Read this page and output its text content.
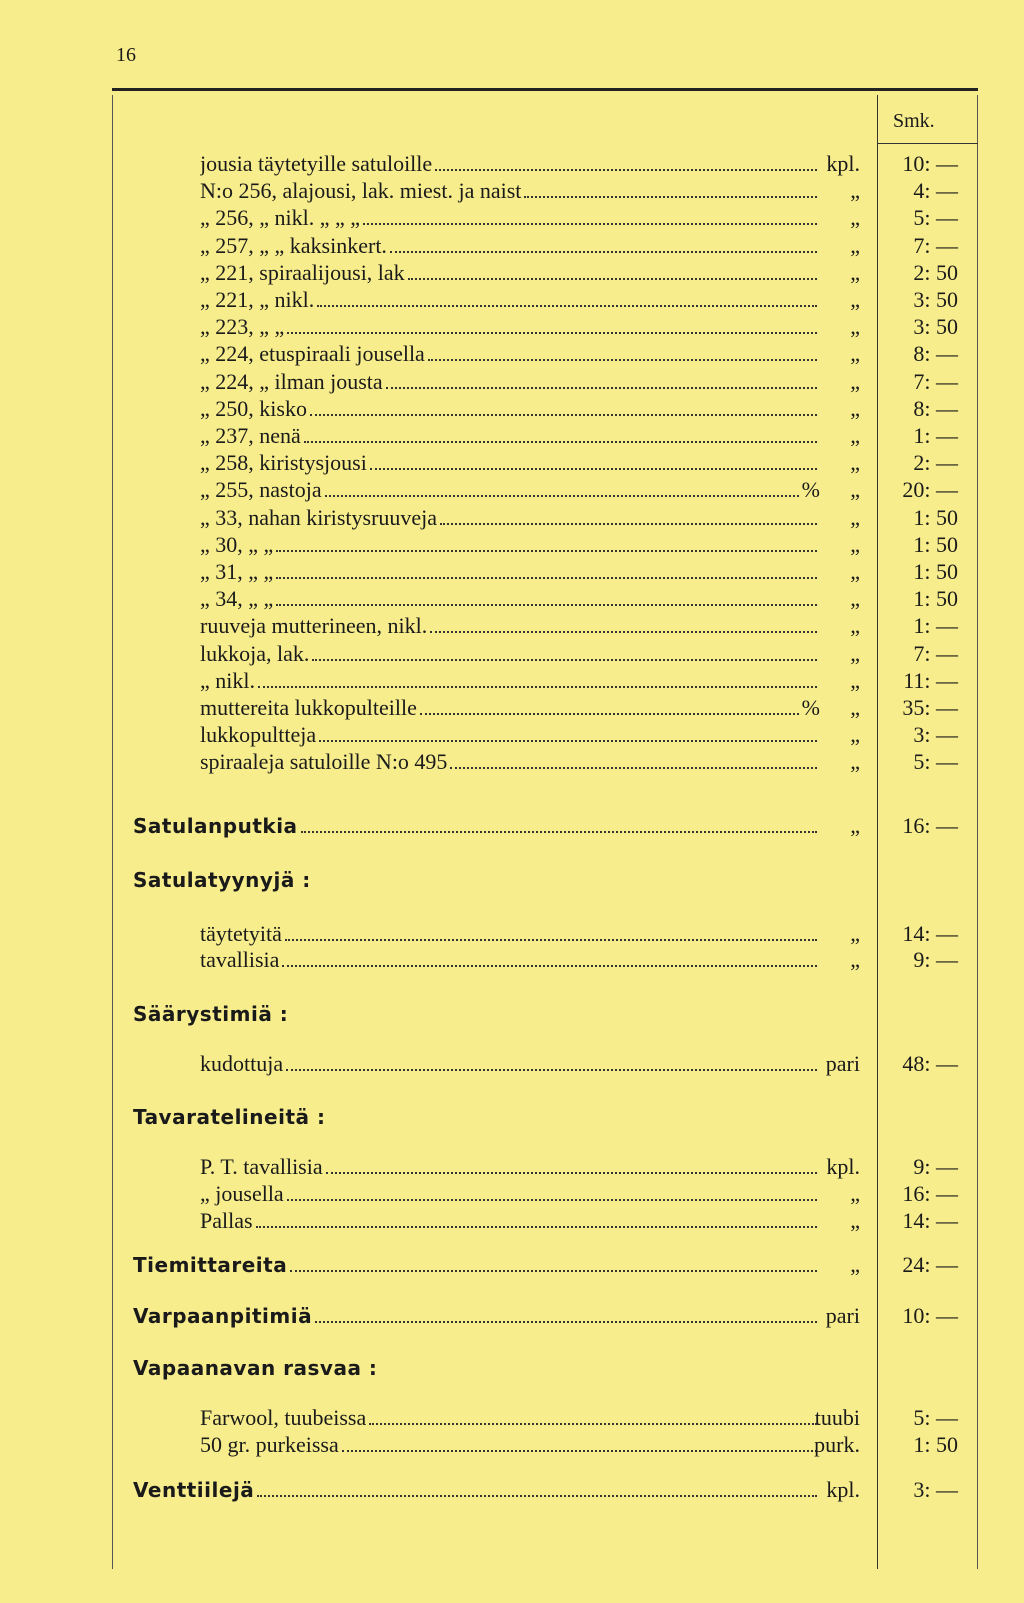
16
Smk.
jousia täytetyille satuloille	kpl.	10: —
N:o 256, alajousi, lak. miest. ja naist	„	4: —
„ 256, „ nikl. „ „ „	„	5: —
„ 257, „ „ kaksinkert.	„	7: —
„ 221, spiraalijousi, lak	„	2: 50
„ 221, „ nikl.	„	3: 50
„ 223, „ „	„	3: 50
„ 224, etuspiraali jousella	„	8: —
„ 224, „ ilman jousta	„	7: —
„ 250, kisko	„	8: —
„ 237, nenä	„	1: —
„ 258, kiristysjousi	„	2: —
„ 255, nastoja	%	„	20: —
„ 33, nahan kiristysruuveja	„	1: 50
„ 30, „ „	„	1: 50
„ 31, „ „	„	1: 50
„ 34, „ „	„	1: 50
ruuveja mutterineen, nikl.	„	1: —
lukkoja, lak.	„	7: —
„ nikl.	„	11: —
muttereita lukkopulteille	%	„	35: —
lukkopultteja	„	3: —
spiraaleja satuloille N:o 495	„	5: —
Satulanputkia	„	16: —
Satulatyynyjä :
täytetyitä	„	14: —
tavallisia	„	9: —
Säärystimiä :
kudottuja	pari	48: —
Tavaratelineitä :
P. T. tavallisia	kpl.	9: —
„ jousella	„	16: —
Pallas	„	14: —
Tiemittareita	„	24: —
Varpaanpitimiä	pari	10: —
Vapaanavan rasvaa :
Farwool, tuubeissa	tuubi	5: —
50 gr. purkeissa	purk.	1: 50
Venttiilejä	kpl.	3: —
